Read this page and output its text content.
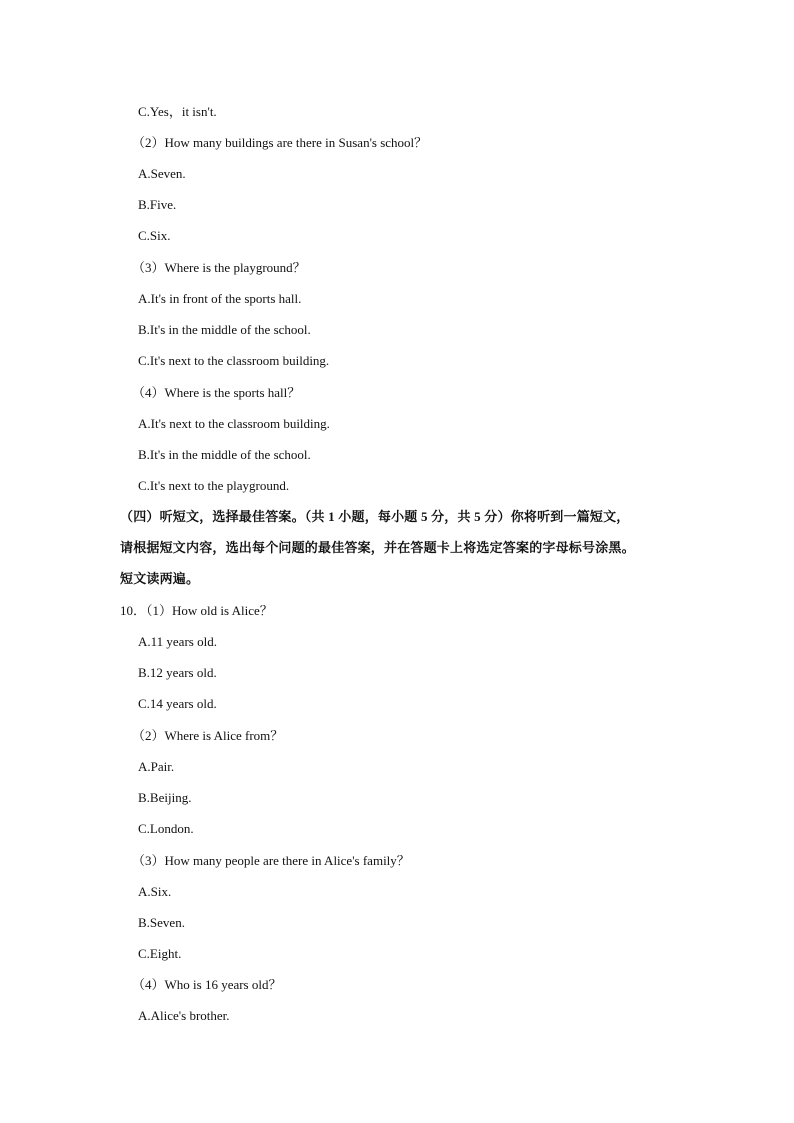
C.Yes，it isn't.
（2）How many buildings are there in Susan's school？
A.Seven.
B.Five.
C.Six.
（3）Where is the playground？
A.It's in front of the sports hall.
B.It's in the middle of the school.
C.It's next to the classroom building.
（4）Where is the sports hall？
A.It's next to the classroom building.
B.It's in the middle of the school.
C.It's next to the playground.
（四）听短文，选择最佳答案。（共 1 小题，每小题 5 分，共 5 分）你将听到一篇短文，
请根据短文内容，选出每个问题的最佳答案，并在答题卡上将选定答案的字母标号涂黑。
短文读两遍。
10．（1）How old is Alice？
A.11 years old.
B.12 years old.
C.14 years old.
（2）Where is Alice from？
A.Pair.
B.Beijing.
C.London.
（3）How many people are there in Alice's family？
A.Six.
B.Seven.
C.Eight.
（4）Who is 16 years old？
A.Alice's brother.
